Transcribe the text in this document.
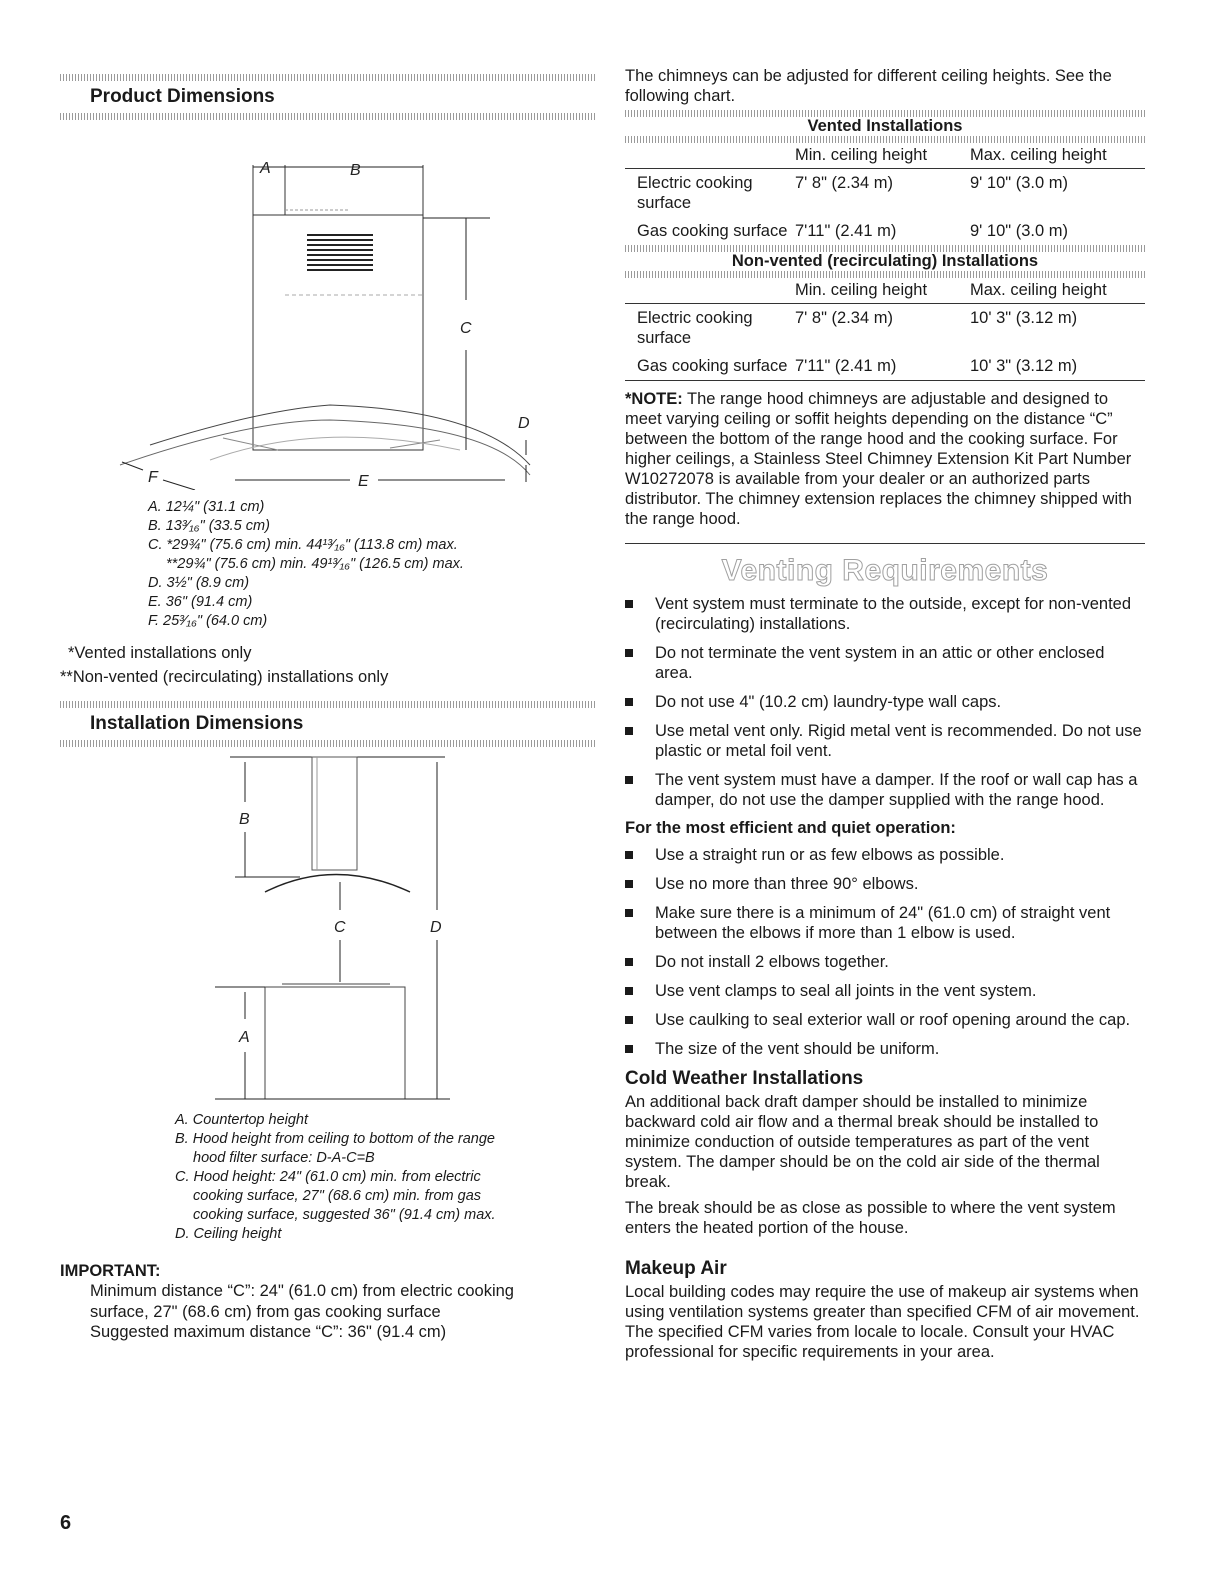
Product Dimensions
A	B
C
D
E
F
A. 12¼" (31.1 cm)
B. 13³⁄₁₆" (33.5 cm)
C. *29¾" (75.6 cm) min. 44¹³⁄₁₆" (113.8 cm) max.
**29¾" (75.6 cm) min. 49¹³⁄₁₆" (126.5 cm) max.
D. 3½" (8.9 cm)
E. 36" (91.4 cm)
F. 25³⁄₁₆" (64.0 cm)
*Vented installations only
**Non-vented (recirculating) installations only
Installation Dimensions
B
C	D
A
A. Countertop height
B. Hood height from ceiling to bottom of the range
hood filter surface: D-A-C=B
C. Hood height: 24" (61.0 cm) min. from electric
cooking surface, 27" (68.6 cm) min. from gas
cooking surface, suggested 36" (91.4 cm) max.
D. Ceiling height
IMPORTANT:
Minimum distance “C”: 24" (61.0 cm) from electric cooking
surface, 27" (68.6 cm) from gas cooking surface
Suggested maximum distance “C”: 36" (91.4 cm)

The chimneys can be adjusted for different ceiling heights. See the following chart.

Vented Installations
	Min. ceiling height	Max. ceiling height
Electric cooking surface	7' 8" (2.34 m)	9' 10" (3.0 m)
Gas cooking surface	7'11" (2.41 m)	9' 10" (3.0 m)
Non-vented (recirculating) Installations
	Min. ceiling height	Max. ceiling height
Electric cooking surface	7' 8" (2.34 m)	10' 3" (3.12 m)
Gas cooking surface	7'11" (2.41 m)	10' 3" (3.12 m)
*NOTE: The range hood chimneys are adjustable and designed to meet varying ceiling or soffit heights depending on the distance “C” between the bottom of the range hood and the cooking surface. For higher ceilings, a Stainless Steel Chimney Extension Kit Part Number W10272078 is available from your dealer or an authorized parts distributor. The chimney extension replaces the chimney shipped with the range hood.
Venting Requirements
Vent system must terminate to the outside, except for non-vented (recirculating) installations.
Do not terminate the vent system in an attic or other enclosed area.
Do not use 4" (10.2 cm) laundry-type wall caps.
Use metal vent only. Rigid metal vent is recommended. Do not use plastic or metal foil vent.
The vent system must have a damper. If the roof or wall cap has a damper, do not use the damper supplied with the range hood.
For the most efficient and quiet operation:
Use a straight run or as few elbows as possible.
Use no more than three 90° elbows.
Make sure there is a minimum of 24" (61.0 cm) of straight vent between the elbows if more than 1 elbow is used.
Do not install 2 elbows together.
Use vent clamps to seal all joints in the vent system.
Use caulking to seal exterior wall or roof opening around the cap.
The size of the vent should be uniform.
Cold Weather Installations

An additional back draft damper should be installed to minimize backward cold air flow and a thermal break should be installed to minimize conduction of outside temperatures as part of the vent system. The damper should be on the cold air side of the thermal break.

The break should be as close as possible to where the vent system enters the heated portion of the house.

Makeup Air

Local building codes may require the use of makeup air systems when using ventilation systems greater than specified CFM of air movement. The specified CFM varies from locale to locale. Consult your HVAC professional for specific requirements in your area.

6
